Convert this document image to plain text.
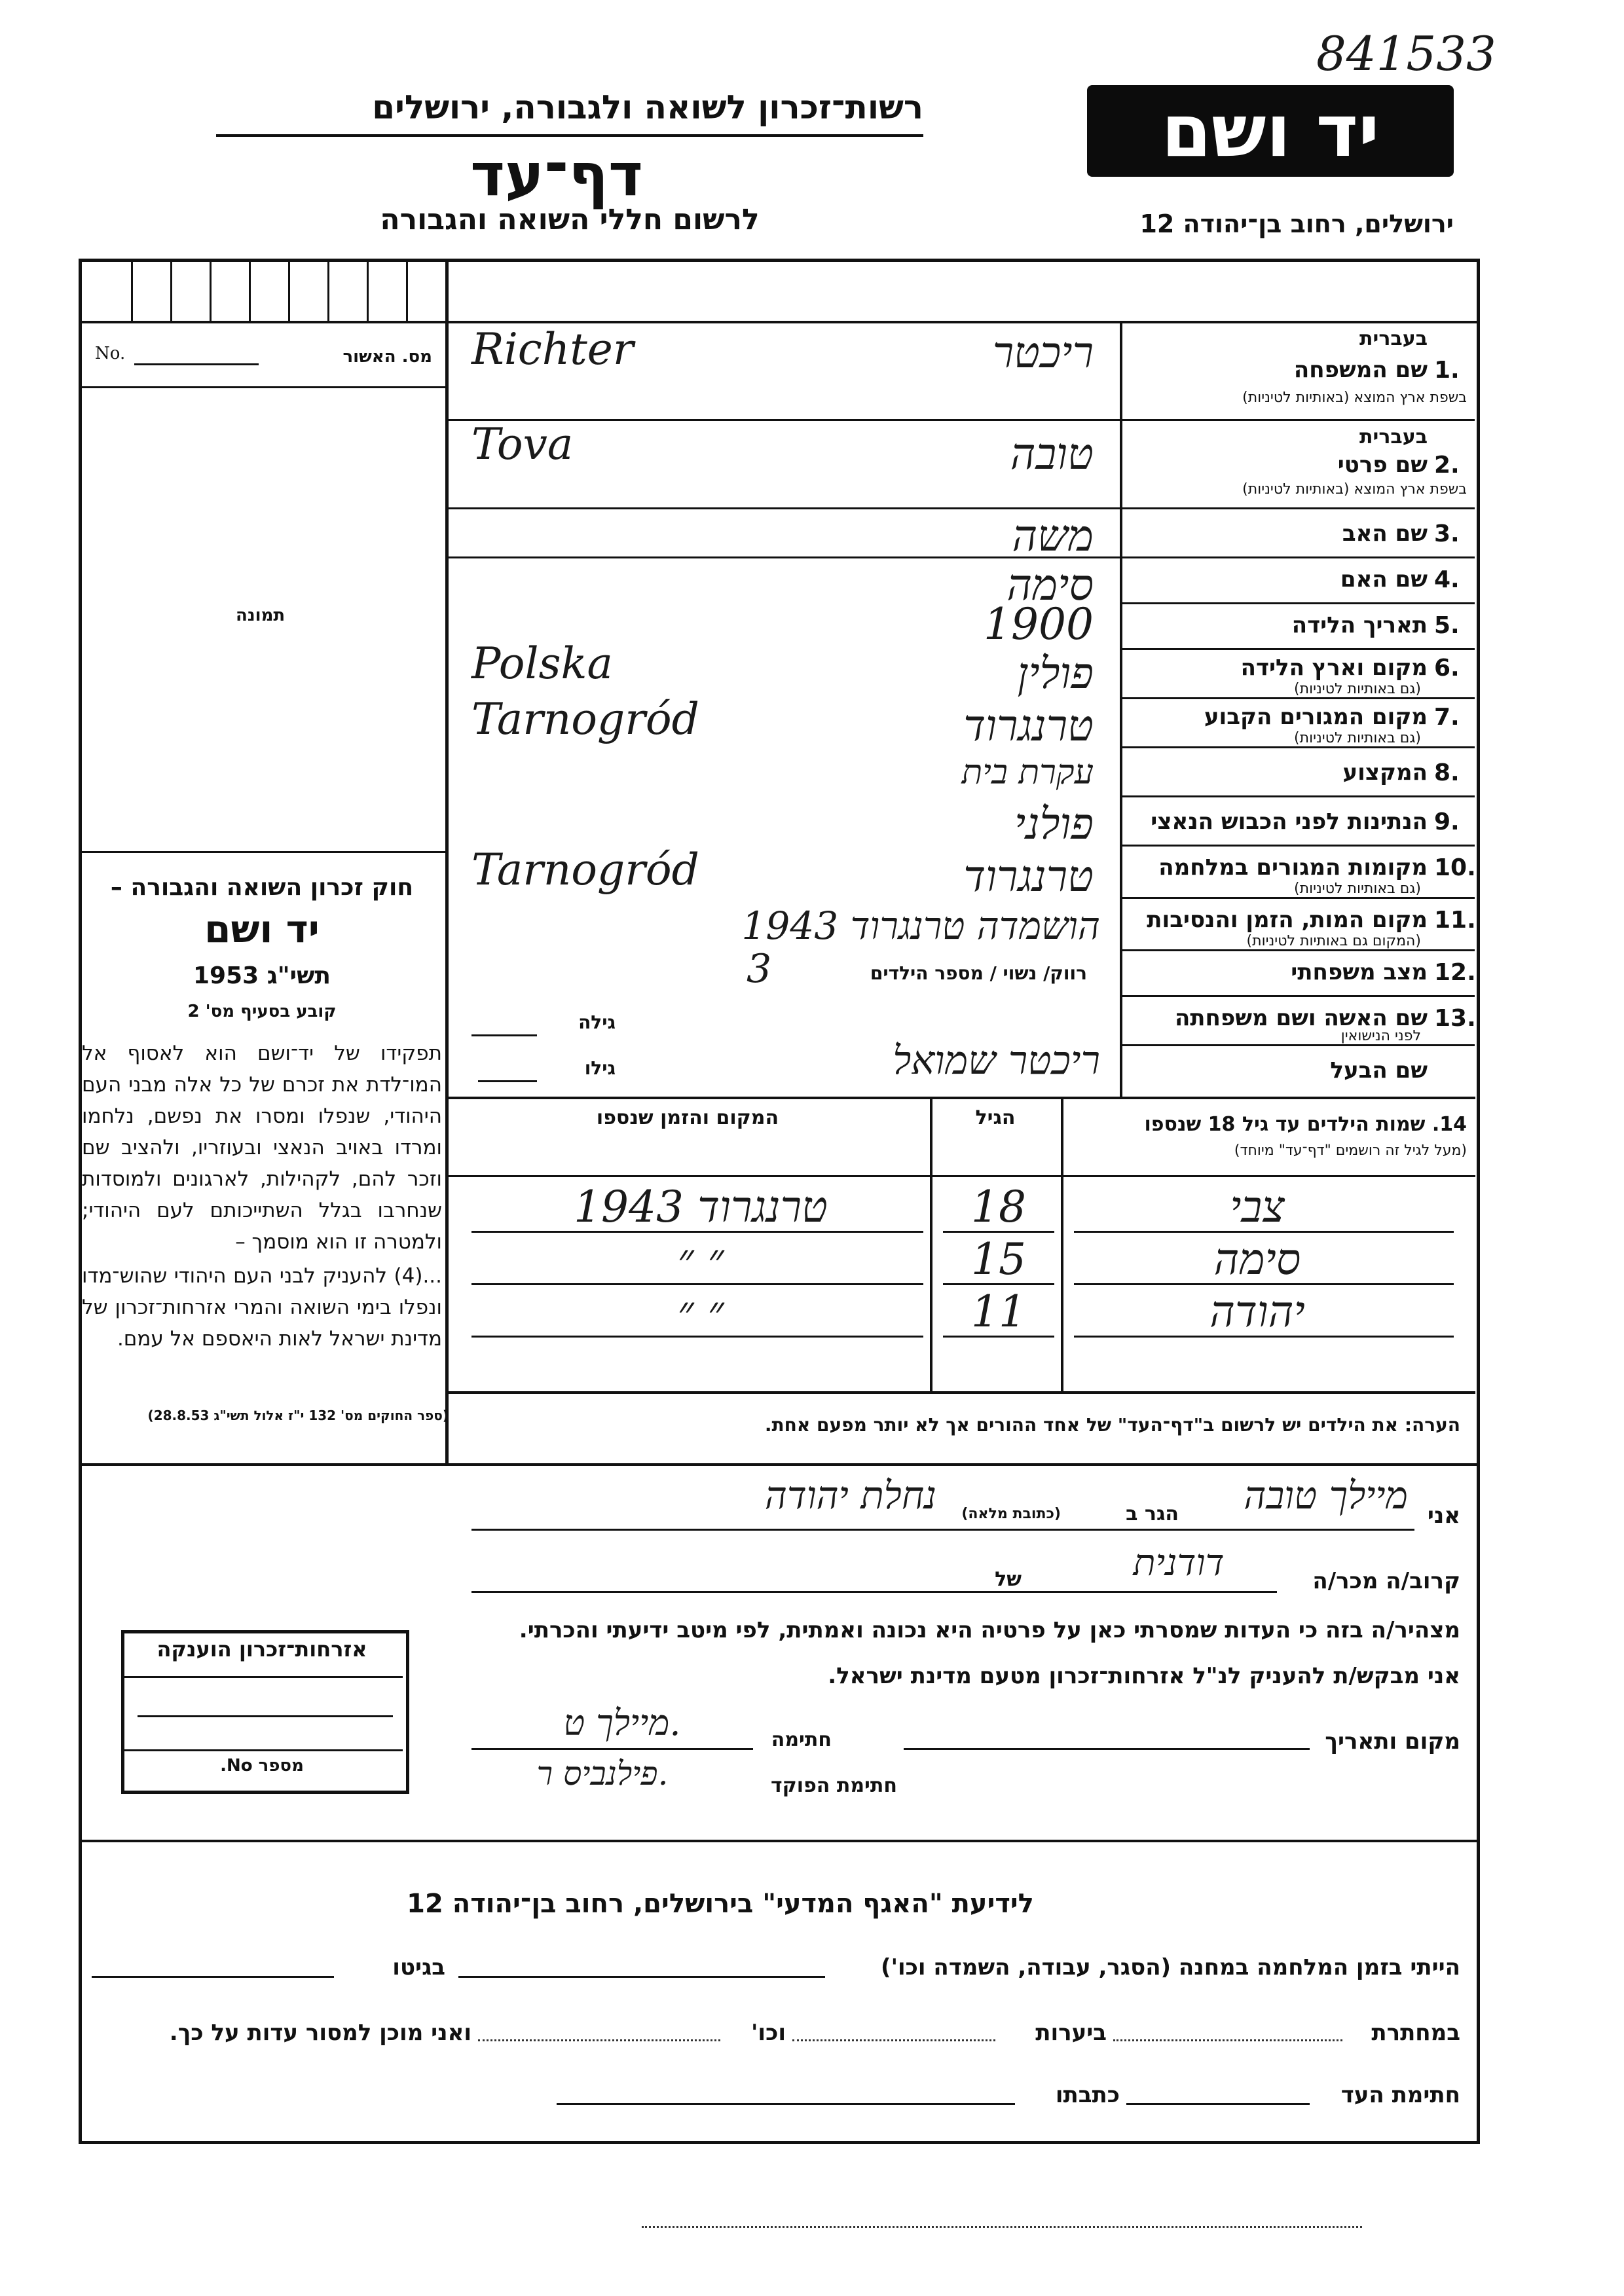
841533
יד ושם
רשות־זכרון לשואה ולגבורה, ירושלים
דף־עד
לרשום חללי השואה והגבורה	ירושלים, רחוב בן־יהודה 12
מס. האשור
No.
תמונה
חוק זכרון השואה והגבורה –
יד ושם
תשי"ג 1953
קובע בסעיף מס' 2
תפקידו של יד־ושם הוא לאסוף אל המו־לדת את זכרם של כל אלה מבני העם היהודי, שנפלו ומסרו את נפשם, נלחמו ומרדו באויב הנאצי ובעוזריו, ולהציב שם וזכר להם, לקהילות, לארגונים ולמוסדות שנחרבו בגלל השתייכותם לעם היהודי; ולמטרה זו הוא מוסמך –
...(4) להעניק לבני העם היהודי שהוש־מדו ונפלו בימי השואה והמרי אזרחות־זכרון של מדינת ישראל לאות היאספם אל עמם.
(ספר החוקים מס' 132 י"ז אלול תשי"ג 28.8.53)
בעברית
1.
שם המשפחה
בשפת ארץ המוצא (באותיות לטיניות)
ריכטר
Richter
בעברית
2.
שם פרטי
בשפת ארץ המוצא (באותיות לטיניות)
טובה
Tova
3.
שם האב
משה
4.
שם האם
סימה
5.
תאריך הלידה
1900
6.
מקום וארץ הלידה
(גם באותיות לטיניות)
פולין
Polska
7.
מקום המגורים הקבוע
(גם באותיות לטיניות)
טרנגרוד
Tarnogród
8.
המקצוע
עקרת בית
9.
הנתינות לפני הכבוש הנאצי
פולני
10.
מקומות המגורים במלחמה
(גם באותיות לטיניות)
טרנגרוד
Tarnogród
11.
מקום המות, הזמן והנסיבות
(המקום גם באותיות לטיניות)
הושמדה טרנגרוד 1943
12.
מצב משפחתי
רווק/ נשוי / מספר הילדים
3
13.
שם האשה ושם משפחתה
לפני הנישואין
גילה
שם הבעל
גילו	ריכטר שמואל
14. שמות הילדים עד גיל 18 שנספו
(מעל לגיל זה רושמים "דף־עד" מיוחד)
הגיל
המקום והזמן שנספו
צבי
18
טרנגרוד 1943
סימה
15
״ ״
יהודה
11
״ ״
הערה: את הילדים יש לרשום ב"דף־העד" של אחד ההורים אך לא יותר מפעם אחת.
אני
מיילך טובה
הגר ב
(כתובת מלאה)
נחלת יהודה
קרוב/ה מכר/ה
דודנית
של
מצהיר/ה בזה כי העדות שמסרתי כאן על פרטיה היא נכונה ואמתית, לפי מיטב ידיעתי והכרתי.
אני מבקש/ת להעניק לנ"ל אזרחות־זכרון מטעם מדינת ישראל.
מקום ותאריך
חתימה
מיילך ט.
חתימת הפוקד
פילנביס ר.
אזרחות־זכרון הוענקה
מספר No.
לידיעת "האגף המדעי" בירושלים, רחוב בן־יהודה 12
הייתי בזמן המלחמה במחנה (הסגר, עבודה, השמדה וכו')
בגיטו
במחתרת
ביערות
וכו'
ואני מוכן למסור עדות על כך.
חתימת העד
כתבתו
